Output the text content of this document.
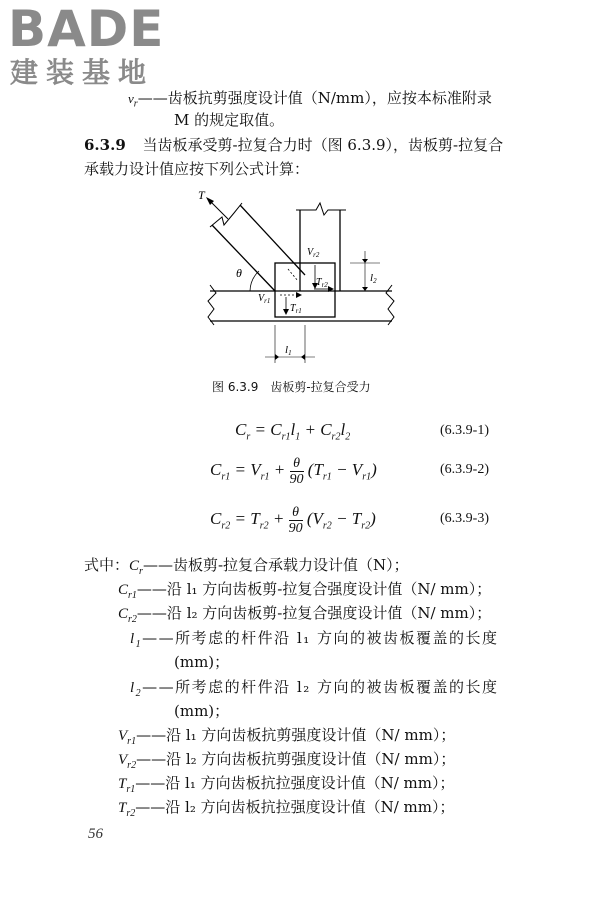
BADE
建装基地
$\nu_r——$齿板抗剪强度设计值（N/mm），应按本标准附录
M 的规定取值。
6.3.9 当齿板承受剪-拉复合力时（图 6.3.9），齿板剪-拉复合
承载力设计值应按下列公式计算：
T
θ
$V_{r2}$
$T_{r2}$
$V_{r1}$
$T_{r1}$
l2
l1
图 6.3.9　齿板剪-拉复合受力
$C_r = C_{r1}l_1 + C_{r2}l_2$	(6.3.9-1)
$C_{r1} = V_{r1} + \frac{\theta}{90} (T_{r1} - V_{r1})$	(6.3.9-2)
$C_{r2} = T_{r2} + \frac{\theta}{90} (V_{r2} - T_{r2})$	(6.3.9-3)
式中：$C_r——$齿板剪-拉复合承载力设计值（N）；
$C_{r1}——$沿 l₁ 方向齿板剪-拉复合强度设计值（N/ mm）；
$C_{r2}——$沿 l₂ 方向齿板剪-拉复合强度设计值（N/ mm）；
$l_1——$所考虑的杆件沿 l₁ 方向的被齿板覆盖的长度
(mm)；
$l_2——$所考虑的杆件沿 l₂ 方向的被齿板覆盖的长度
(mm)；
$V_{r1}——$沿 l₁ 方向齿板抗剪强度设计值（N/ mm）；
$V_{r2}——$沿 l₂ 方向齿板抗剪强度设计值（N/ mm）；
$T_{r1}——$沿 l₁ 方向齿板抗拉强度设计值（N/ mm）；
$T_{r2}——$沿 l₂ 方向齿板抗拉强度设计值（N/ mm）；
56
